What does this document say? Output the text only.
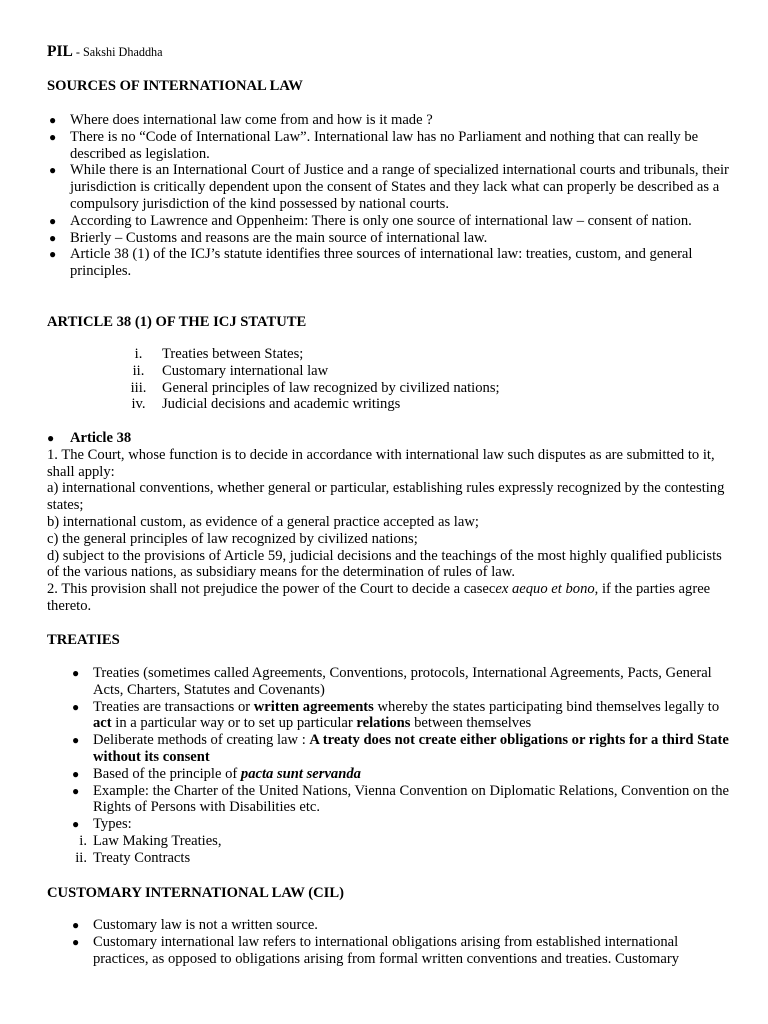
PIL - Sakshi Dhaddha
SOURCES OF INTERNATIONAL LAW
● Where does international law come from and how is it made ?
● There is no “Code of International Law”. International law has no Parliament and nothing that can really be described as legislation.
● While there is an International Court of Justice and a range of specialized international courts and tribunals, their jurisdiction is critically dependent upon the consent of States and they lack what can properly be described as a compulsory jurisdiction of the kind possessed by national courts.
● According to Lawrence and Oppenheim: There is only one source of international law – consent of nation.
● Brierly – Customs and reasons are the main source of international law.
● Article 38 (1) of the ICJ’s statute identifies three sources of international law: treaties, custom, and general principles.
ARTICLE 38 (1) OF THE ICJ STATUTE
i.	Treaties between States;
ii.	Customary international law
iii.	General principles of law recognized by civilized nations;
iv.	Judicial decisions and academic writings
● Article 38
1. The Court, whose function is to decide in accordance with international law such disputes as are submitted to it, shall apply:
a) international conventions, whether general or particular, establishing rules expressly recognized by the contesting states;
b) international custom, as evidence of a general practice accepted as law;
c) the general principles of law recognized by civilized nations;
d) subject to the provisions of Article 59, judicial decisions and the teachings of the most highly qualified publicists of the various nations, as subsidiary means for the determination of rules of law.
2. This provision shall not prejudice the power of the Court to decide a casecex aequo et bono, if the parties agree thereto.
TREATIES
● Treaties (sometimes called Agreements, Conventions, protocols, International Agreements, Pacts, General Acts, Charters, Statutes and Covenants)
● Treaties are transactions or written agreements whereby the states participating bind themselves legally to act in a particular way or to set up particular relations between themselves
● Deliberate methods of creating law : A treaty does not create either obligations or rights for a third State without its consent
● Based of the principle of pacta sunt servanda
● Example: the Charter of the United Nations, Vienna Convention on Diplomatic Relations, Convention on the Rights of Persons with Disabilities etc.
● Types:
i. Law Making Treaties,
ii. Treaty Contracts
CUSTOMARY INTERNATIONAL LAW (CIL)
● Customary law is not a written source.
● Customary international law refers to international obligations arising from established international practices, as opposed to obligations arising from formal written conventions and treaties. Customary
